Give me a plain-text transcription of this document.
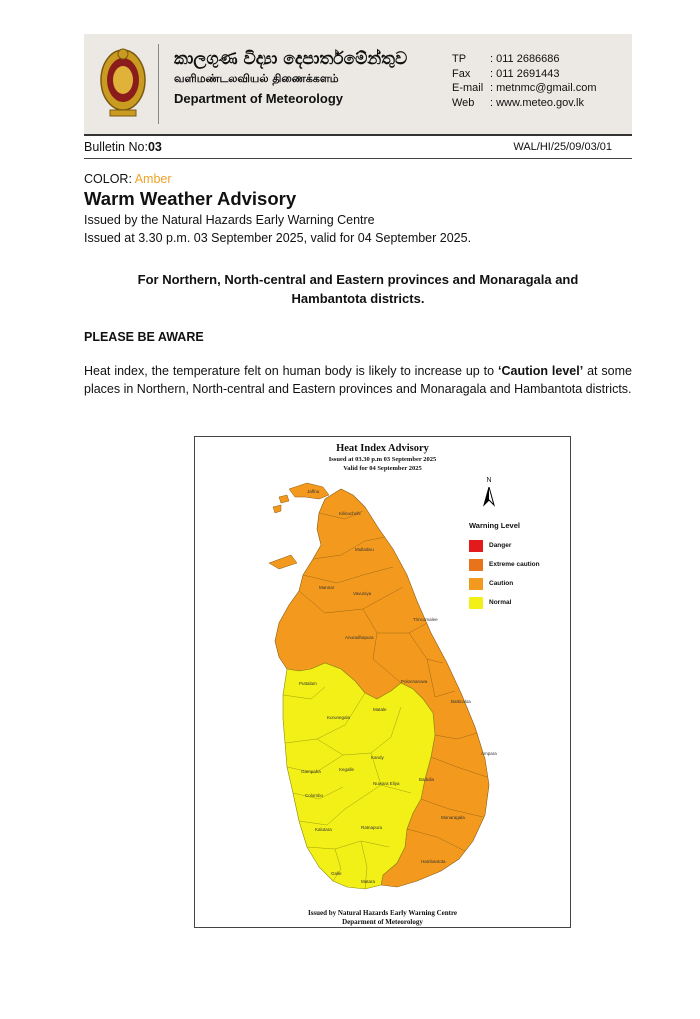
කාලගුණ විද්‍යා දෙපාර්තමේන්තුව
வளிமண்டலவியல் திணைக்களம்
Department of Meteorology
TP	: 011 2686686
Fax	: 011 2691443
E-mail : metnmc@gmail.com
Web	: www.meteo.gov.lk
Bulletin No:03	WAL/HI/25/09/03/01
COLOR: Amber
Warm Weather Advisory
Issued by the Natural Hazards Early Warning Centre
Issued at 3.30 p.m. 03 September 2025, valid for 04 September 2025.
For Northern, North-central and Eastern provinces and Monaragala and
Hambantota districts.
PLEASE BE AWARE
Heat index, the temperature felt on human body is likely to increase up to ‘Caution level’ at some places in Northern, North-central and Eastern provinces and Monaragala and Hambantota districts.
Heat Index Advisory
Issued at 03.30 p.m 03 September 2025
Valid for 04 September 2025
Jaffna
Kilinochchi
Mullaitivu
Mannar
Vavuniya
Trincomalee
Anuradhapura
Polonnaruwa
Puttalam
Batticaloa
Kurunegala
Matale
Kandy
Ampara
Gampaha	Kegalle
Nuwara Eliya
Badulla
Colombo
Kalutara	Ratnapura
Monaragala
Galle
Matara
Hambantota
N
Warning Level
Danger
Extreme caution
Caution
Normal
Issued by Natural Hazards Early Warning Centre
Deparment of Meteorology
